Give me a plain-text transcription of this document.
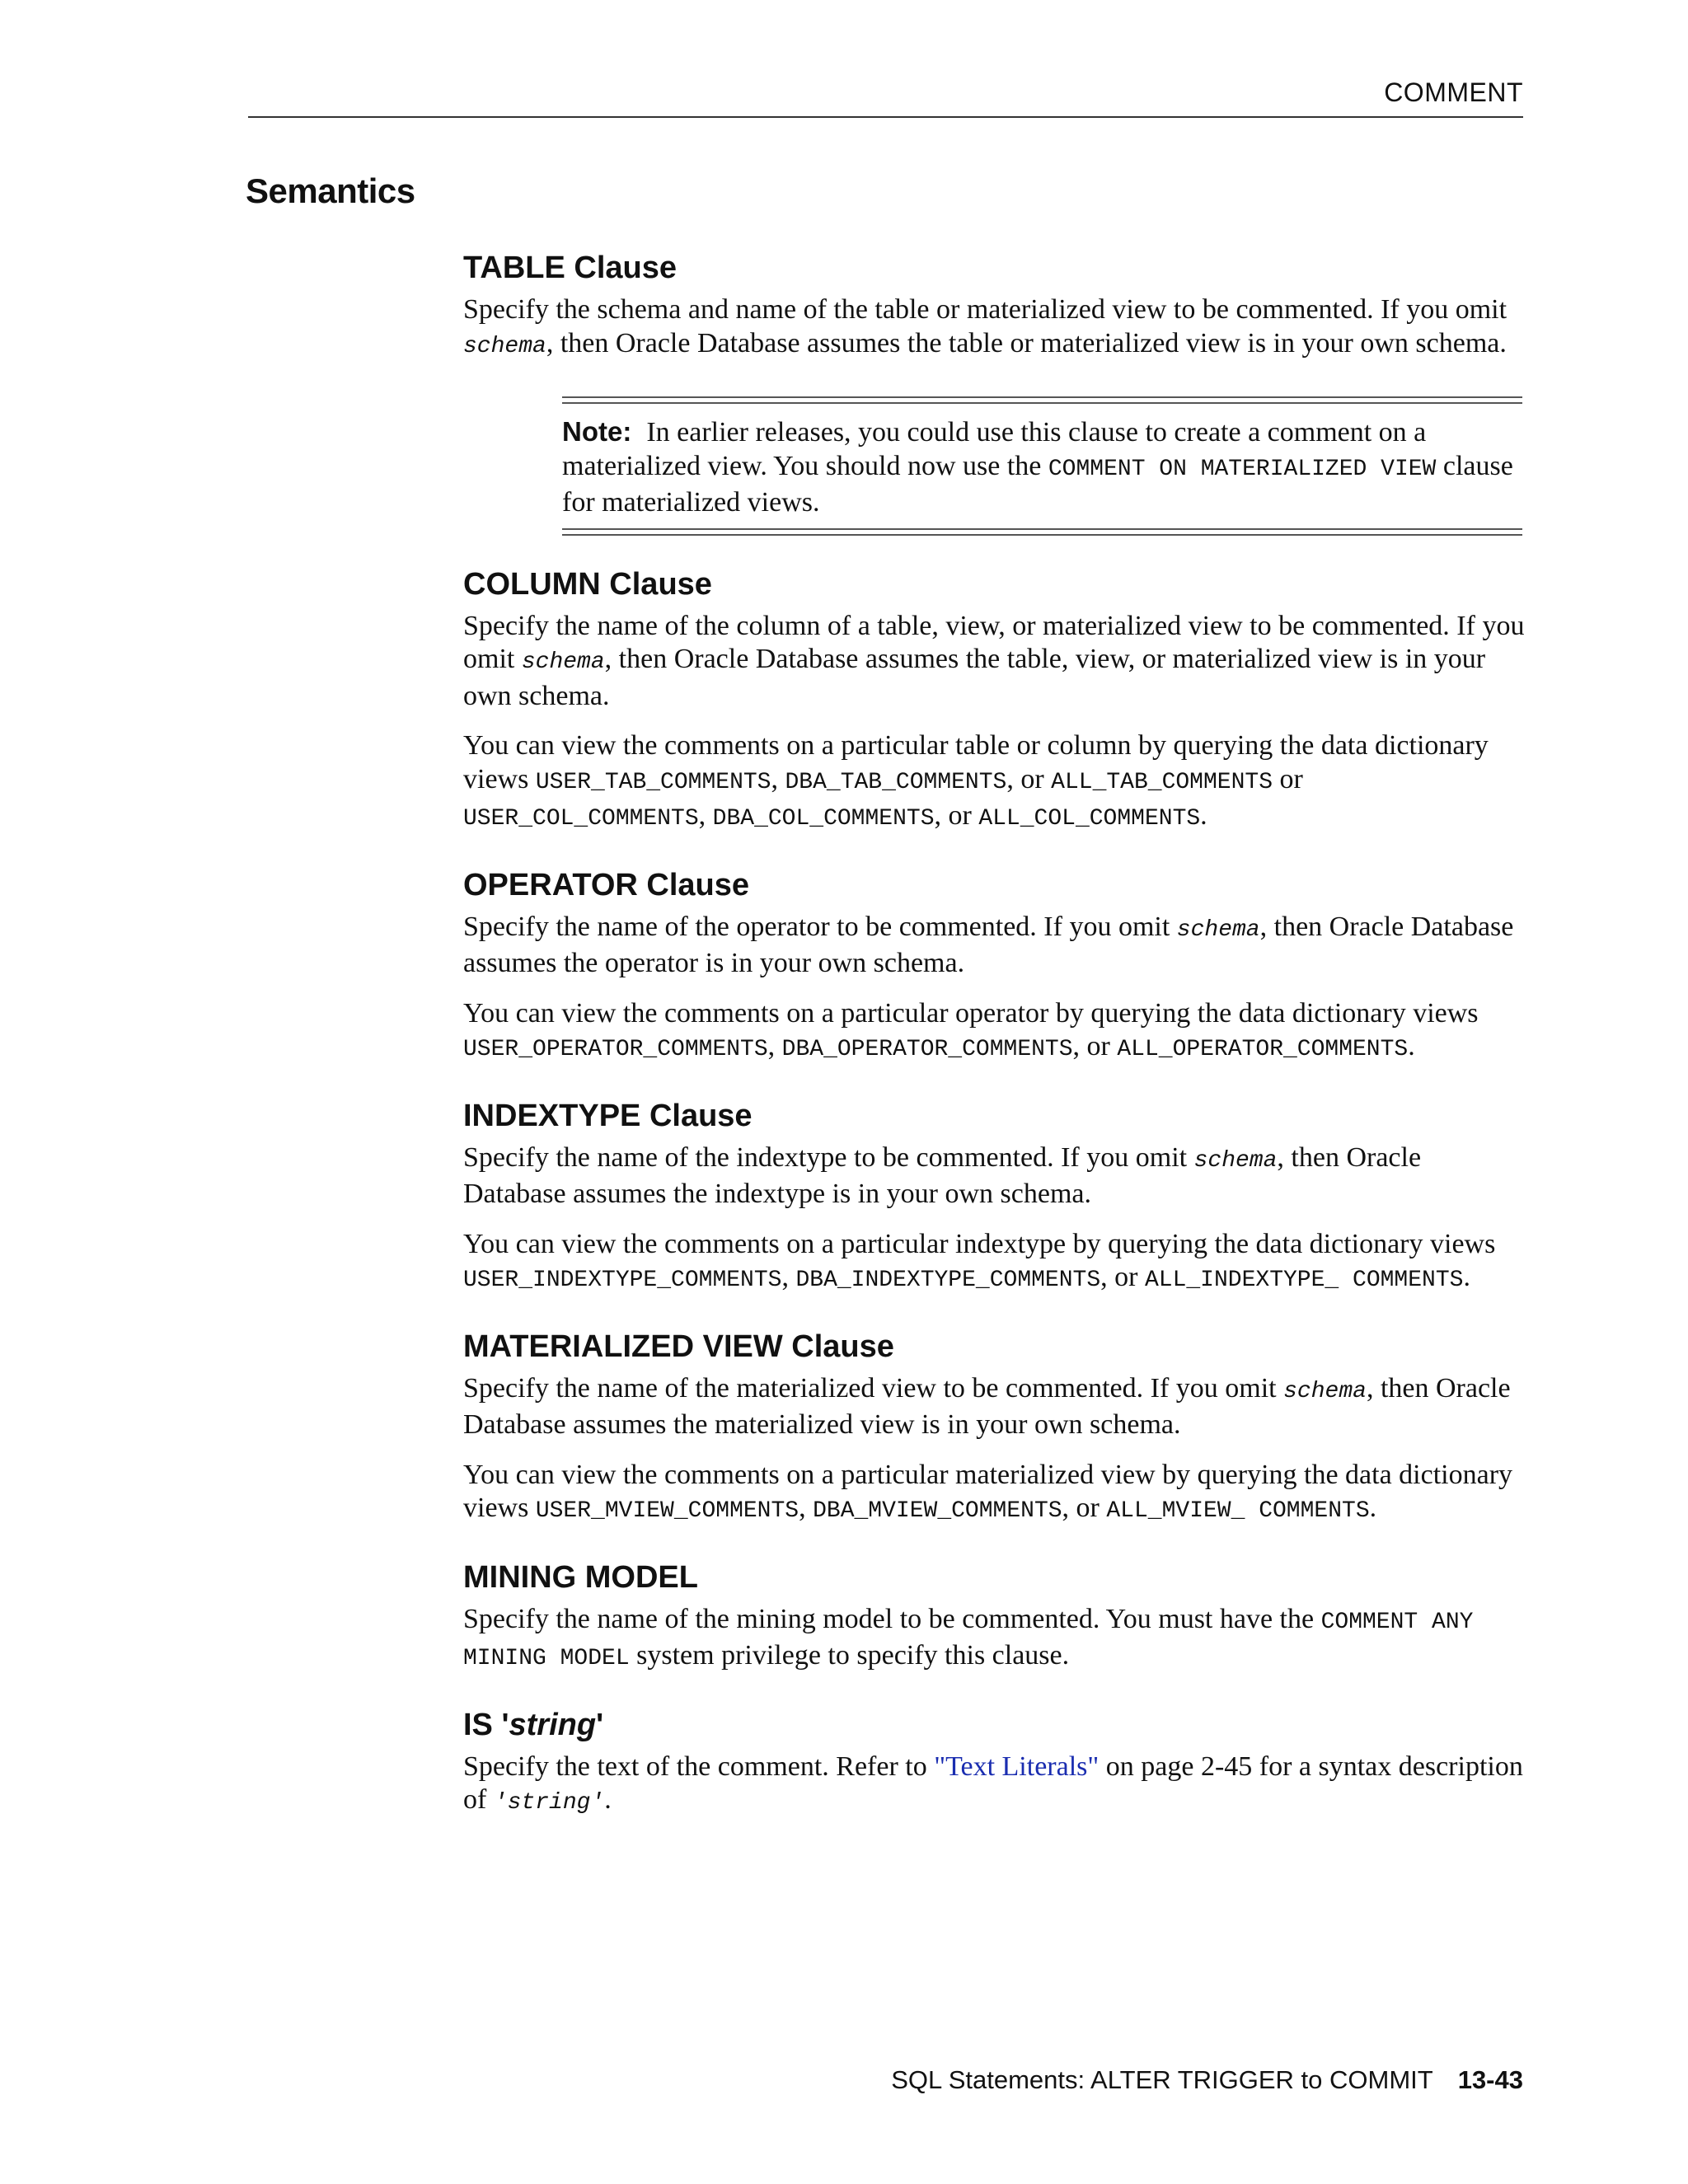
COMMENT
Semantics
TABLE Clause

Specify the schema and name of the table or materialized view to be commented. If you omit schema, then Oracle Database assumes the table or materialized view is in your own schema.

Note: In earlier releases, you could use this clause to create a comment on a materialized view. You should now use the COMMENT ON MATERIALIZED VIEW clause for materialized views.
COLUMN Clause

Specify the name of the column of a table, view, or materialized view to be commented. If you omit schema, then Oracle Database assumes the table, view, or materialized view is in your own schema.

You can view the comments on a particular table or column by querying the data dictionary views USER_TAB_COMMENTS, DBA_TAB_COMMENTS, or ALL_TAB_COMMENTS or USER_COL_COMMENTS, DBA_COL_COMMENTS, or ALL_COL_COMMENTS.

OPERATOR Clause

Specify the name of the operator to be commented. If you omit schema, then Oracle Database assumes the operator is in your own schema.

You can view the comments on a particular operator by querying the data dictionary views USER_OPERATOR_COMMENTS, DBA_OPERATOR_COMMENTS, or ALL_OPERATOR_COMMENTS.

INDEXTYPE Clause

Specify the name of the indextype to be commented. If you omit schema, then Oracle Database assumes the indextype is in your own schema.

You can view the comments on a particular indextype by querying the data dictionary views USER_INDEXTYPE_COMMENTS, DBA_INDEXTYPE_COMMENTS, or ALL_INDEXTYPE_ COMMENTS.

MATERIALIZED VIEW Clause

Specify the name of the materialized view to be commented. If you omit schema, then Oracle Database assumes the materialized view is in your own schema.

You can view the comments on a particular materialized view by querying the data dictionary views USER_MVIEW_COMMENTS, DBA_MVIEW_COMMENTS, or ALL_MVIEW_ COMMENTS.

MINING MODEL

Specify the name of the mining model to be commented. You must have the COMMENT ANY MINING MODEL system privilege to specify this clause.

IS 'string'

Specify the text of the comment. Refer to "Text Literals" on page 2-45 for a syntax description of 'string'.

SQL Statements: ALTER TRIGGER to COMMIT 13-43
